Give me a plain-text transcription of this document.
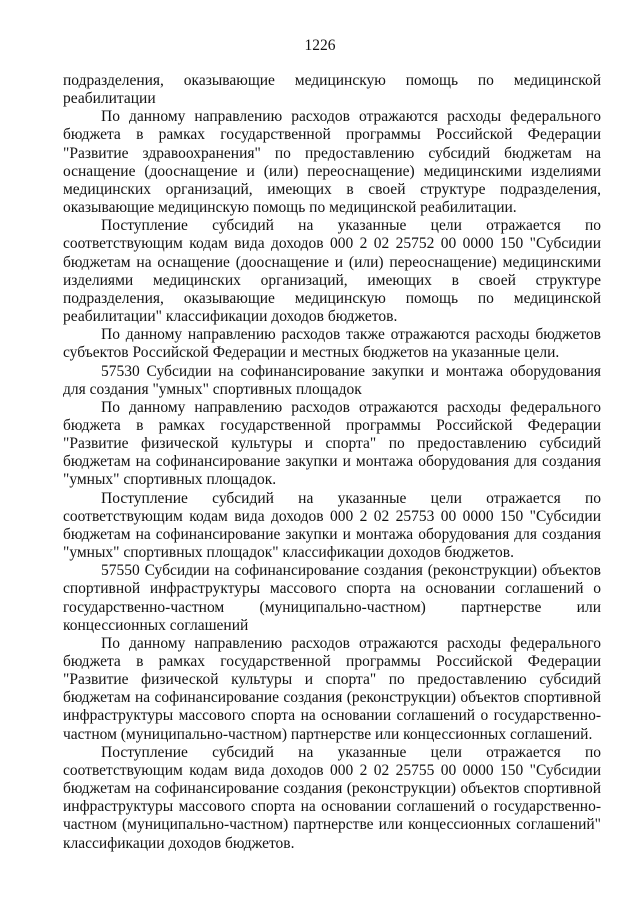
1226

подразделения, оказывающие медицинскую помощь по медицинской реабилитации

По данному направлению расходов отражаются расходы федерального бюджета в рамках государственной программы Российской Федерации "Развитие здравоохранения" по предоставлению субсидий бюджетам на оснащение (дооснащение и (или) переоснащение) медицинскими изделиями медицинских организаций, имеющих в своей структуре подразделения, оказывающие медицинскую помощь по медицинской реабилитации.

Поступление субсидий на указанные цели отражается по соответствующим кодам вида доходов 000 2 02 25752 00 0000 150 "Субсидии бюджетам на оснащение (дооснащение и (или) переоснащение) медицинскими изделиями медицинских организаций, имеющих в своей структуре подразделения, оказывающие медицинскую помощь по медицинской реабилитации" классификации доходов бюджетов.

По данному направлению расходов также отражаются расходы бюджетов субъектов Российской Федерации и местных бюджетов на указанные цели.

57530 Субсидии на софинансирование закупки и монтажа оборудования для создания "умных" спортивных площадок

По данному направлению расходов отражаются расходы федерального бюджета в рамках государственной программы Российской Федерации "Развитие физической культуры и спорта" по предоставлению субсидий бюджетам на софинансирование закупки и монтажа оборудования для создания "умных" спортивных площадок.

Поступление субсидий на указанные цели отражается по соответствующим кодам вида доходов 000 2 02 25753 00 0000 150 "Субсидии бюджетам на софинансирование закупки и монтажа оборудования для создания "умных" спортивных площадок" классификации доходов бюджетов.

57550 Субсидии на софинансирование создания (реконструкции) объектов спортивной инфраструктуры массового спорта на основании соглашений о государственно-частном (муниципально-частном) партнерстве или концессионных соглашений

По данному направлению расходов отражаются расходы федерального бюджета в рамках государственной программы Российской Федерации "Развитие физической культуры и спорта" по предоставлению субсидий бюджетам на софинансирование создания (реконструкции) объектов спортивной инфраструктуры массового спорта на основании соглашений о государственно-частном (муниципально-частном) партнерстве или концессионных соглашений.

Поступление субсидий на указанные цели отражается по соответствующим кодам вида доходов 000 2 02 25755 00 0000 150 "Субсидии бюджетам на софинансирование создания (реконструкции) объектов спортивной инфраструктуры массового спорта на основании соглашений о государственно-частном (муниципально-частном) партнерстве или концессионных соглашений" классификации доходов бюджетов.
